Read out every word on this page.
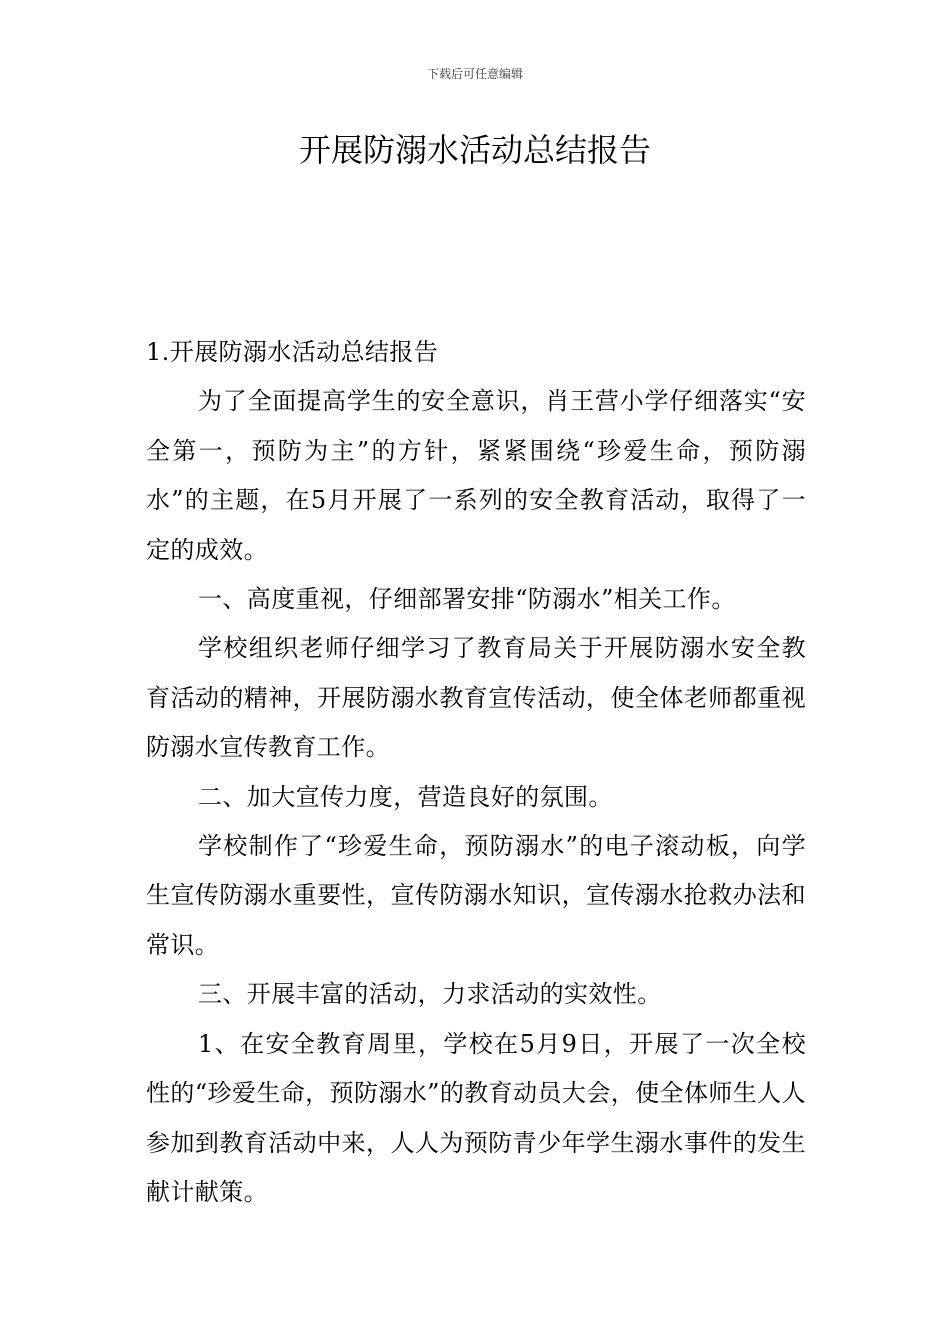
下载后可任意编辑
开展防溺水活动总结报告

1.开展防溺水活动总结报告

为了全面提高学生的安全意识，肖王营小学仔细落实“安全第一，预防为主”的方针，紧紧围绕“珍爱生命，预防溺水”的主题，在5月开展了一系列的安全教育活动，取得了一定的成效。

一、高度重视，仔细部署安排“防溺水”相关工作。

学校组织老师仔细学习了教育局关于开展防溺水安全教育活动的精神，开展防溺水教育宣传活动，使全体老师都重视防溺水宣传教育工作。

二、加大宣传力度，营造良好的氛围。

学校制作了“珍爱生命，预防溺水”的电子滚动板，向学生宣传防溺水重要性，宣传防溺水知识，宣传溺水抢救办法和常识。

三、开展丰富的活动，力求活动的实效性。

1、在安全教育周里，学校在5月9日，开展了一次全校性的“珍爱生命，预防溺水”的教育动员大会，使全体师生人人参加到教育活动中来，人人为预防青少年学生溺水事件的发生献计献策。
